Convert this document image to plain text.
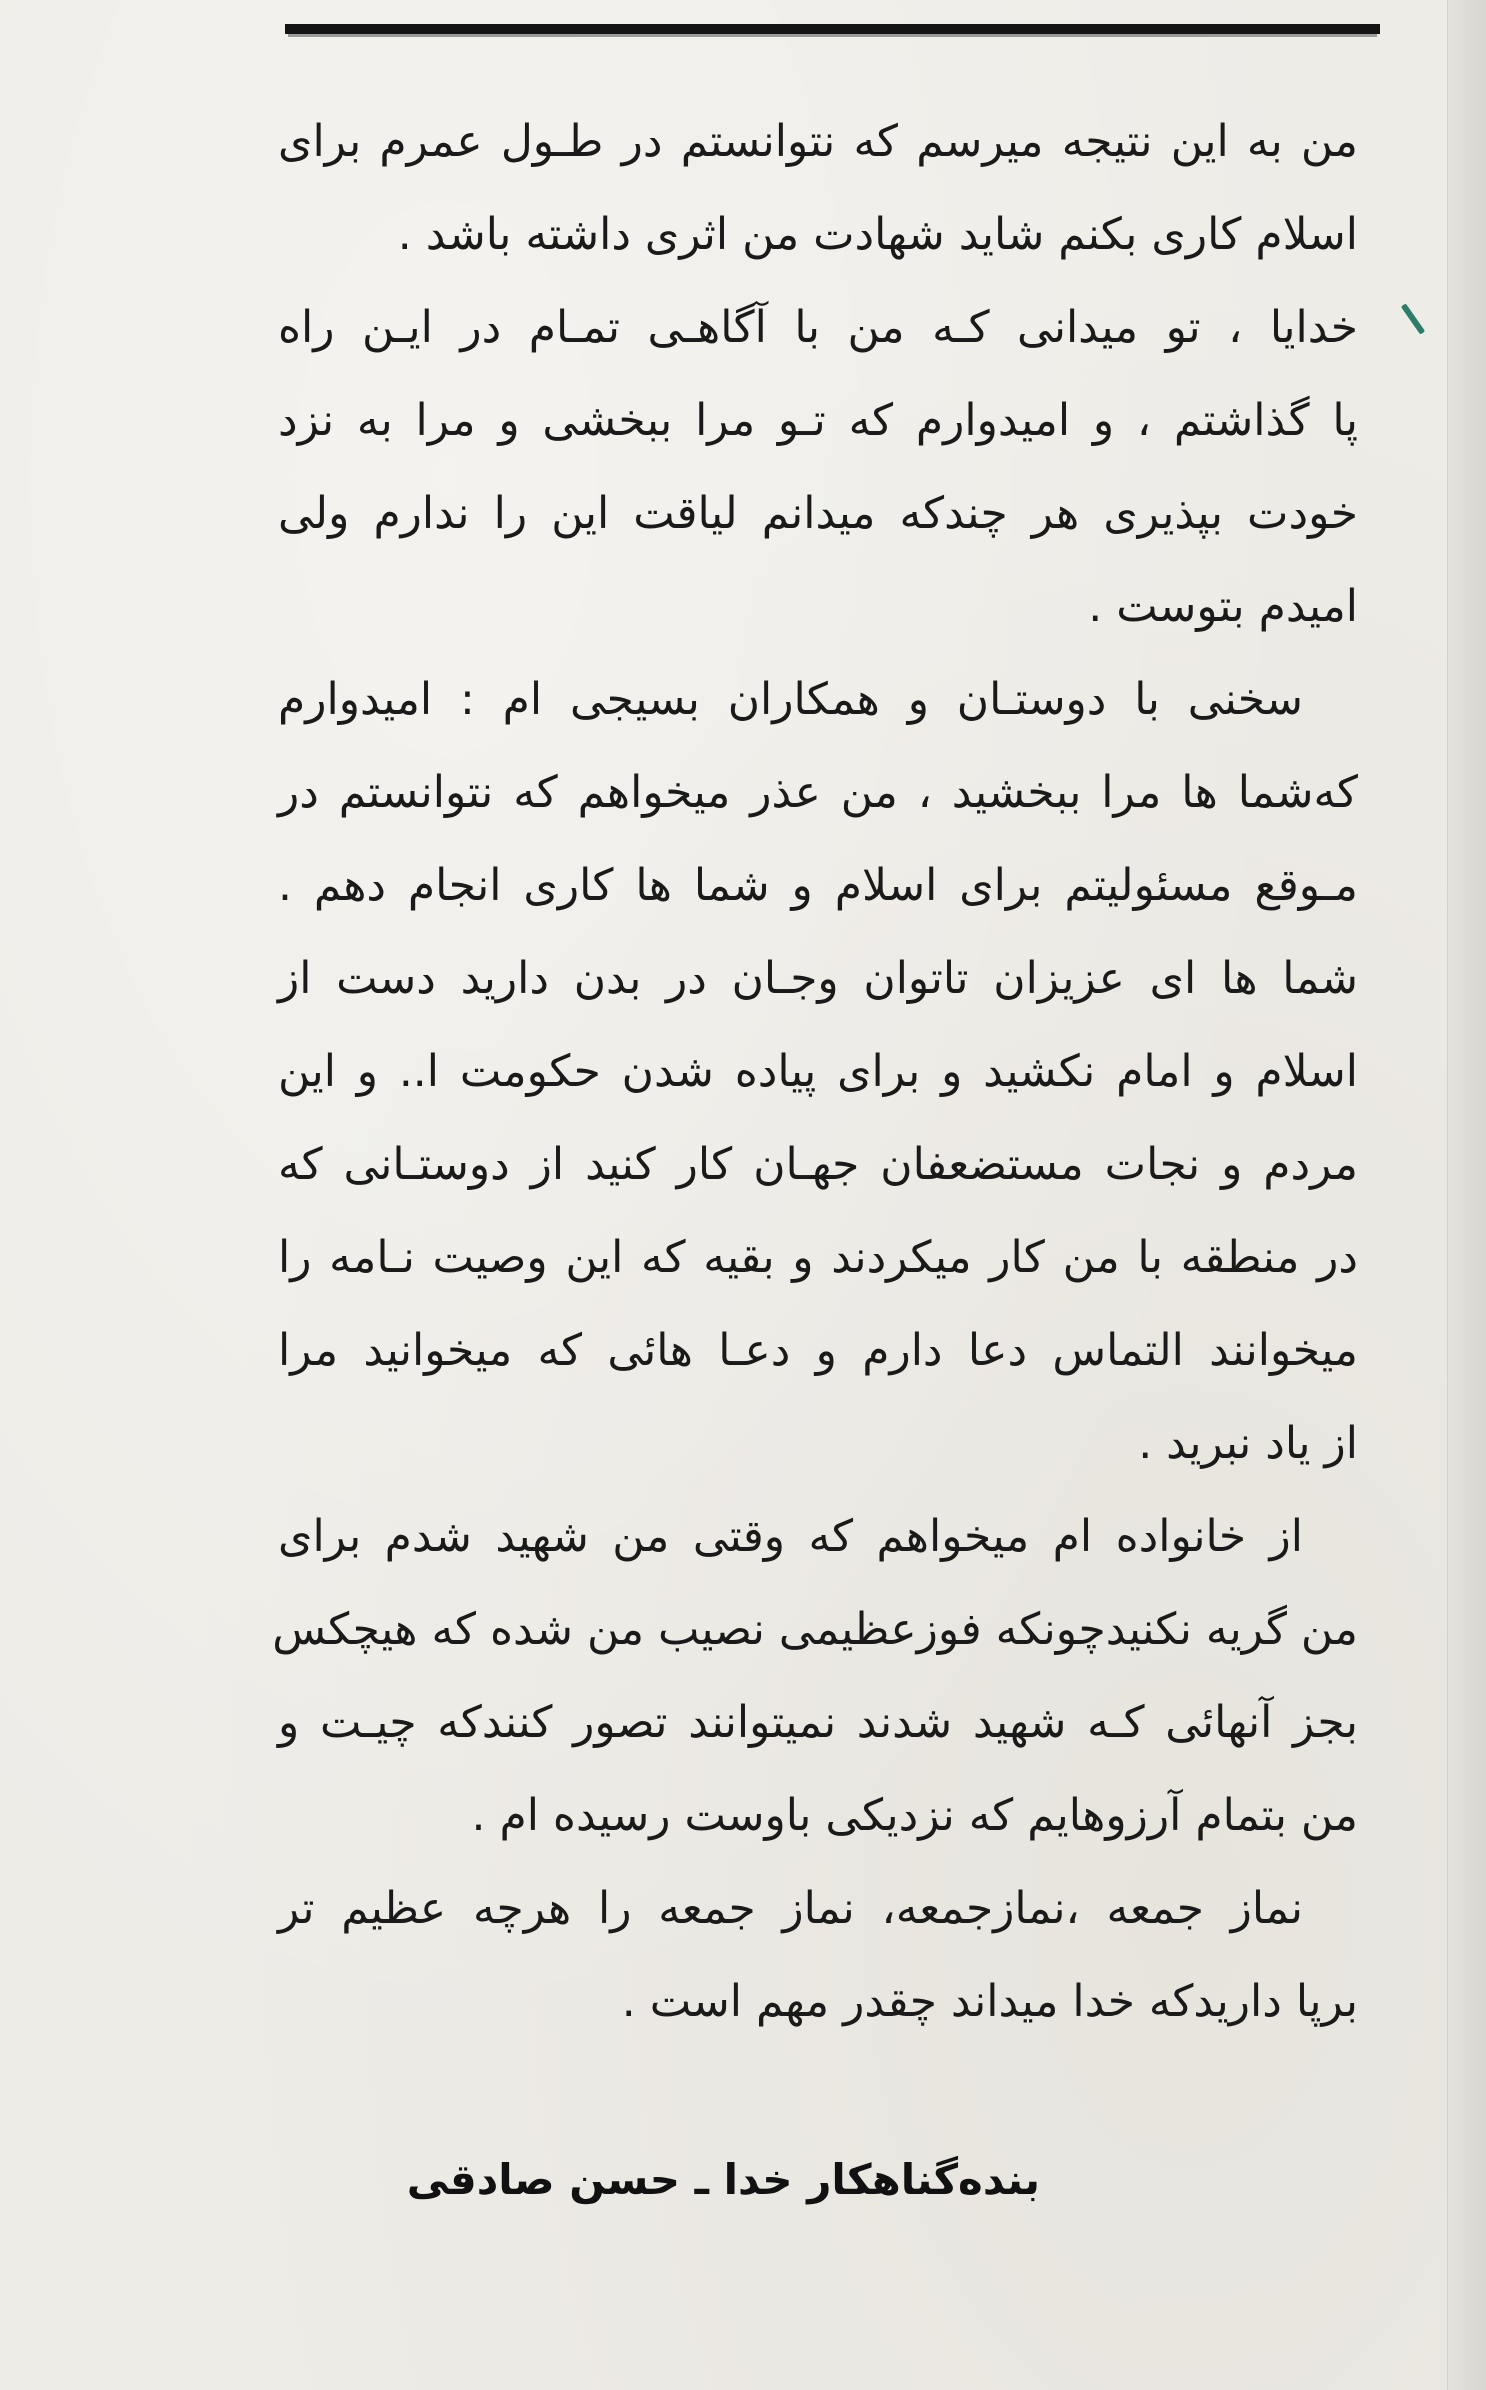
من به این نتیجه میرسم که نتوانستم در طـول عمرم برای
اسلام کاری بکنم شاید شهادت من اثری داشته باشد .
خدایا ، تو میدانی کـه من با آگاهـی تمـام در ایـن راه
پا گذاشتم ، و امیدوارم که تـو مرا ببخشی و مرا به نزد
خودت بپذیری هر چندکه میدانم لیاقت این را ندارم ولی
امیدم بتوست .
سخنی با دوستـان و همکاران بسیجی ام : امیدوارم
که‌شما ها مرا ببخشید ، من عذر میخواهم که نتوانستم در
مـوقع مسئولیتم برای اسلام و شما ها کاری انجام دهم .
شما ها ای عزیزان تاتوان وجـان در بدن دارید دست از
اسلام و امام نکشید و برای پیاده شدن حکومت ا.. و این
مردم و نجات مستضعفان جهـان کار کنید از دوستـانی که
در منطقه با من کار میکردند و بقیه که این وصیت نـامه را
میخوانند التماس دعا دارم و دعـا هائی که میخوانید مرا
از یاد نبرید .
از خانواده ام میخواهم که وقتی من شهید شدم برای
من گریه نکنیدچونکه فوزعظیمی نصیب من شده که هیچکس
بجز آنهائی کـه شهید شدند نمیتوانند تصور کنندکه چیـت و
من بتمام آرزوهایم که نزدیکی باوست رسیده ام .
نماز جمعه ،نمازجمعه، نماز جمعه را هرچه عظیم تر
برپا داریدکه خدا میداند چقدر مهم است .
بنده‌گناهکار خدا ـ حسن صادقی
